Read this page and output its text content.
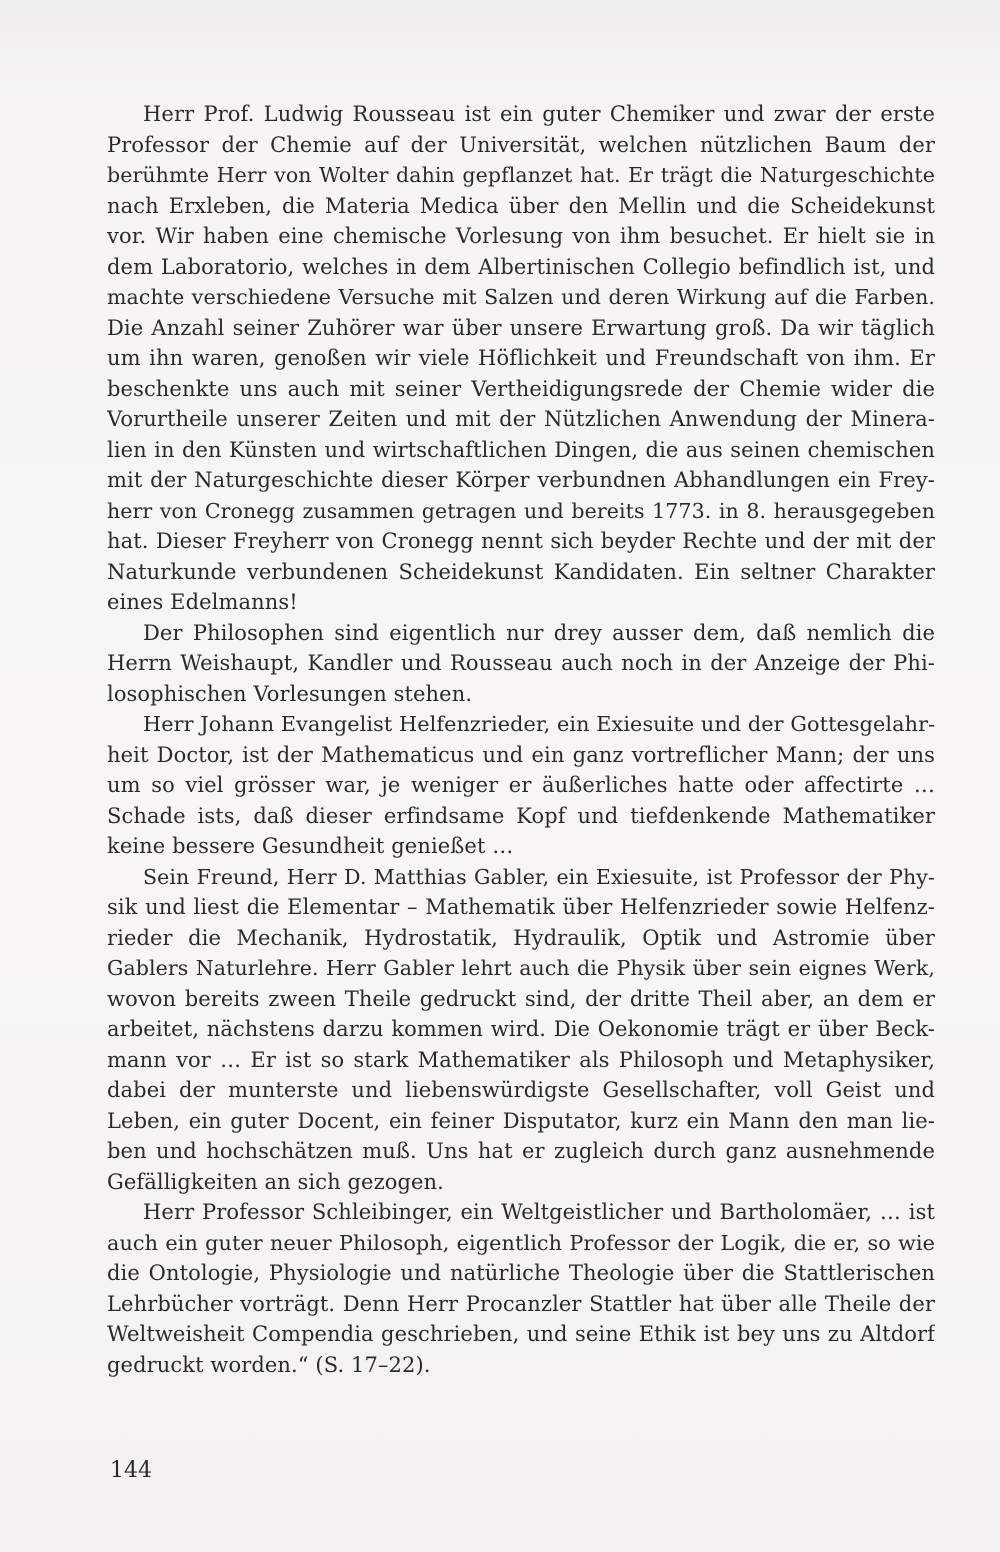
Herr Prof. Ludwig Rousseau ist ein guter Chemiker und zwar der erste
Professor der Chemie auf der Universität, welchen nützlichen Baum der
berühmte Herr von Wolter dahin gepflanzet hat. Er trägt die Naturgeschichte
nach Erxleben, die Materia Medica über den Mellin und die Scheidekunst
vor. Wir haben eine chemische Vorlesung von ihm besuchet. Er hielt sie in
dem Laboratorio, welches in dem Albertinischen Collegio befindlich ist, und
machte verschiedene Versuche mit Salzen und deren Wirkung auf die Farben.
Die Anzahl seiner Zuhörer war über unsere Erwartung groß. Da wir täglich
um ihn waren, genoßen wir viele Höflichkeit und Freundschaft von ihm. Er
beschenkte uns auch mit seiner Vertheidigungsrede der Chemie wider die
Vorurtheile unserer Zeiten und mit der Nützlichen Anwendung der Minera-
lien in den Künsten und wirtschaftlichen Dingen, die aus seinen chemischen
mit der Naturgeschichte dieser Körper verbundnen Abhandlungen ein Frey-
herr von Cronegg zusammen getragen und bereits 1773. in 8. herausgegeben
hat. Dieser Freyherr von Cronegg nennt sich beyder Rechte und der mit der
Naturkunde verbundenen Scheidekunst Kandidaten. Ein seltner Charakter
eines Edelmanns!
Der Philosophen sind eigentlich nur drey ausser dem, daß nemlich die
Herrn Weishaupt, Kandler und Rousseau auch noch in der Anzeige der Phi-
losophischen Vorlesungen stehen.
Herr Johann Evangelist Helfenzrieder, ein Exiesuite und der Gottesgelahr-
heit Doctor, ist der Mathematicus und ein ganz vortreflicher Mann; der uns
um so viel grösser war, je weniger er äußerliches hatte oder affectirte …
Schade ists, daß dieser erfindsame Kopf und tiefdenkende Mathematiker
keine bessere Gesundheit genießet …
Sein Freund, Herr D. Matthias Gabler, ein Exiesuite, ist Professor der Phy-
sik und liest die Elementar – Mathematik über Helfenzrieder sowie Helfenz-
rieder die Mechanik, Hydrostatik, Hydraulik, Optik und Astromie über
Gablers Naturlehre. Herr Gabler lehrt auch die Physik über sein eignes Werk,
wovon bereits zween Theile gedruckt sind, der dritte Theil aber, an dem er
arbeitet, nächstens darzu kommen wird. Die Oekonomie trägt er über Beck-
mann vor … Er ist so stark Mathematiker als Philosoph und Metaphysiker,
dabei der munterste und liebenswürdigste Gesellschafter, voll Geist und
Leben, ein guter Docent, ein feiner Disputator, kurz ein Mann den man lie-
ben und hochschätzen muß. Uns hat er zugleich durch ganz ausnehmende
Gefälligkeiten an sich gezogen.
Herr Professor Schleibinger, ein Weltgeistlicher und Bartholomäer, … ist
auch ein guter neuer Philosoph, eigentlich Professor der Logik, die er, so wie
die Ontologie, Physiologie und natürliche Theologie über die Stattlerischen
Lehrbücher vorträgt. Denn Herr Procanzler Stattler hat über alle Theile der
Weltweisheit Compendia geschrieben, und seine Ethik ist bey uns zu Altdorf
gedruckt worden.“ (S. 17–22).
144
